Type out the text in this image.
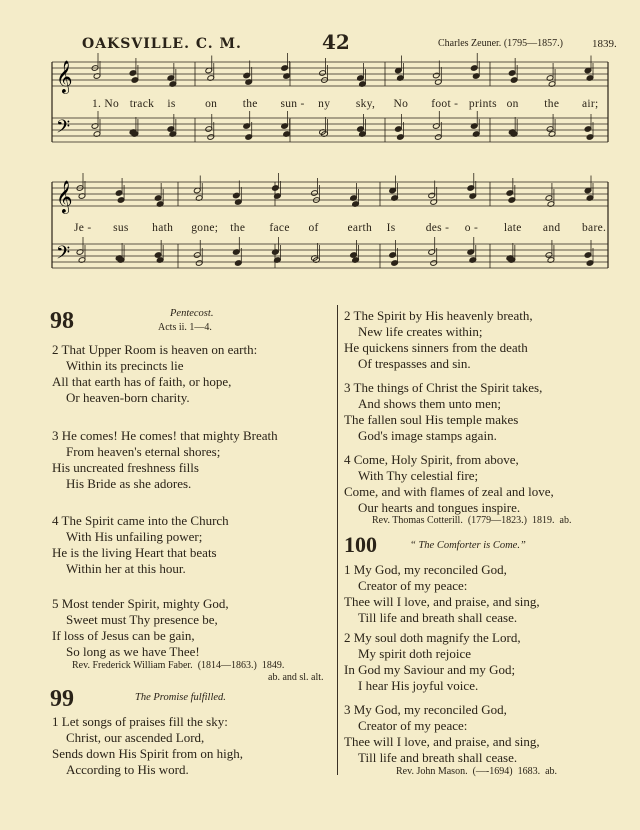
OAKSVILLE. C. M.	42	Charles Zeuner. (1795—1857.)	1839.
𝄞
𝄢
𝄞
𝄢
1. No track is	on the sun - ny sky, No foot - prints on the air;
Je - sus hath gone; the face of	earth Is	des - o - late and bare.
98	Pentecost.
Acts ii. 1—4.
2 That Upper Room is heaven on earth:
Within its precincts lie
All that earth has of faith, or hope,
Or heaven-born charity.
3 He comes! He comes! that mighty Breath
From heaven's eternal shores;
His uncreated freshness fills
His Bride as she adores.
4 The Spirit came into the Church
With His unfailing power;
He is the living Heart that beats
Within her at this hour.
5 Most tender Spirit, mighty God,
Sweet must Thy presence be,
If loss of Jesus can be gain,
So long as we have Thee!
Rev. Frederick William Faber. (1814—1863.) 1849.
ab. and sl. alt.
99	The Promise fulfilled.
1 Let songs of praises fill the sky:
Christ, our ascended Lord,
Sends down His Spirit from on high,
According to His word.
2 The Spirit by His heavenly breath,
New life creates within;
He quickens sinners from the death
Of trespasses and sin.
3 The things of Christ the Spirit takes,
And shows them unto men;
The fallen soul His temple makes
God's image stamps again.
4 Come, Holy Spirit, from above,
With Thy celestial fire;
Come, and with flames of zeal and love,
Our hearts and tongues inspire.
Rev. Thomas Cotterill. (1779—1823.) 1819. ab.
100	“ The Comforter is Come.”
1 My God, my reconciled God,
Creator of my peace:
Thee will I love, and praise, and sing,
Till life and breath shall cease.
2 My soul doth magnify the Lord,
My spirit doth rejoice
In God my Saviour and my God;
I hear His joyful voice.
3 My God, my reconciled God,
Creator of my peace:
Thee will I love, and praise, and sing,
Till life and breath shall cease.
Rev. John Mason. (—-1694) 1683. ab.
